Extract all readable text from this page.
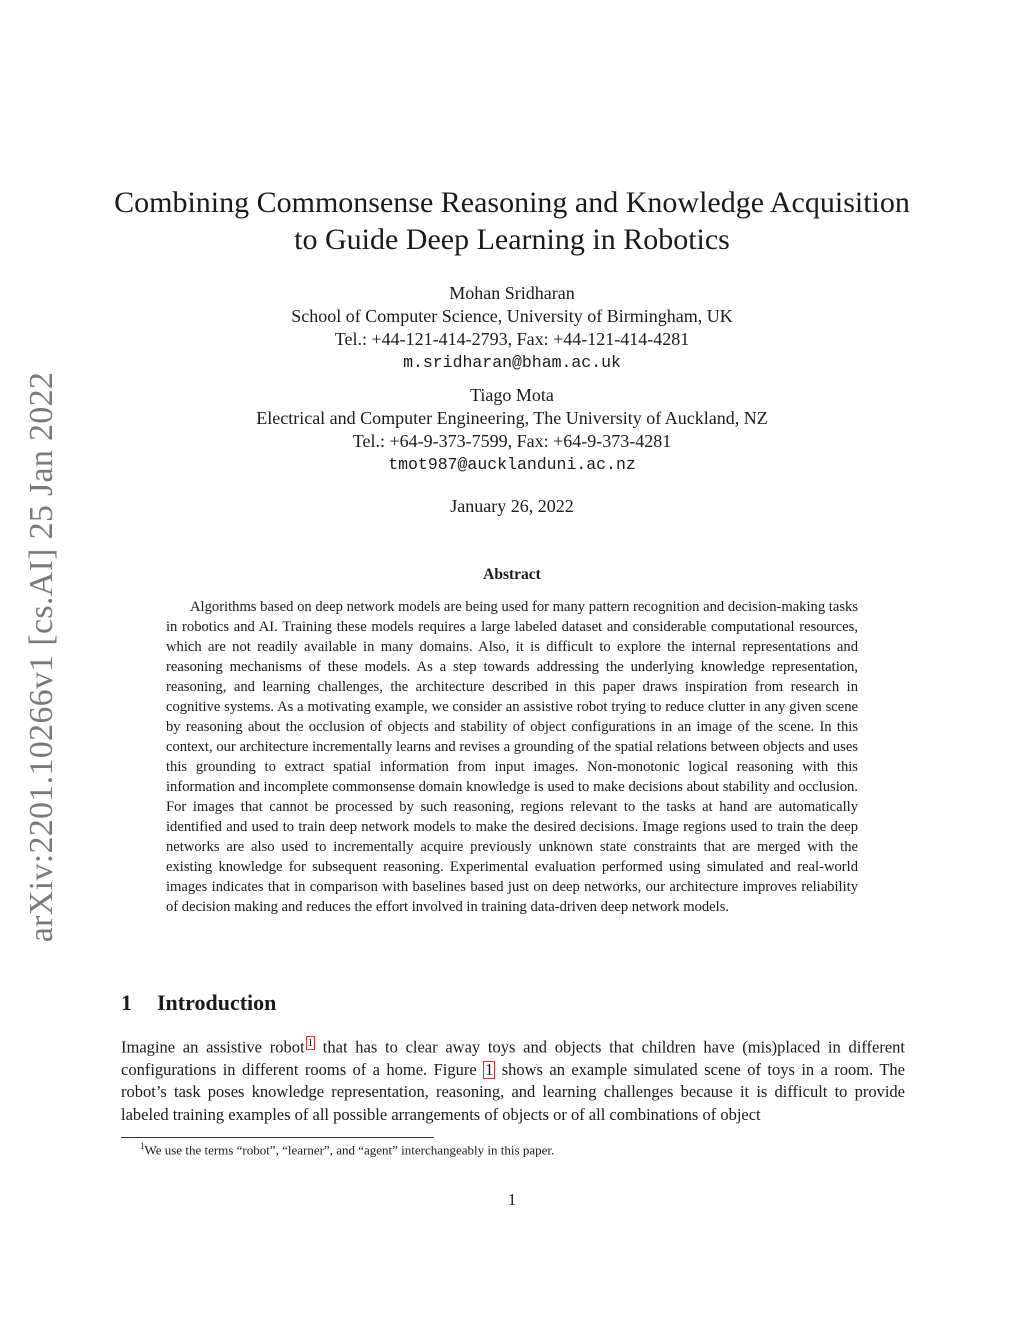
arXiv:2201.10266v1 [cs.AI] 25 Jan 2022
Combining Commonsense Reasoning and Knowledge Acquisition
to Guide Deep Learning in Robotics
Mohan Sridharan
School of Computer Science, University of Birmingham, UK
Tel.: +44-121-414-2793, Fax: +44-121-414-4281
m.sridharan@bham.ac.uk
Tiago Mota
Electrical and Computer Engineering, The University of Auckland, NZ
Tel.: +64-9-373-7599, Fax: +64-9-373-4281
tmot987@aucklanduni.ac.nz
January 26, 2022
Abstract

Algorithms based on deep network models are being used for many pattern recognition and decision-making tasks in robotics and AI. Training these models requires a large labeled dataset and considerable computational resources, which are not readily available in many domains. Also, it is difficult to explore the internal representations and reasoning mechanisms of these models. As a step towards addressing the underlying knowledge representation, reasoning, and learning challenges, the architecture described in this paper draws inspiration from research in cognitive systems. As a motivating example, we consider an assistive robot trying to reduce clutter in any given scene by reasoning about the occlusion of objects and stability of object configurations in an image of the scene. In this context, our architecture incrementally learns and revises a grounding of the spatial relations between objects and uses this grounding to extract spatial information from input images. Non-monotonic logical reasoning with this information and incomplete commonsense domain knowledge is used to make decisions about stability and occlusion. For images that cannot be processed by such reasoning, regions relevant to the tasks at hand are automatically identified and used to train deep network models to make the desired decisions. Image regions used to train the deep networks are also used to incrementally acquire previously unknown state constraints that are merged with the existing knowledge for subsequent reasoning. Experimental evaluation performed using simulated and real-world images indicates that in comparison with baselines based just on deep networks, our architecture improves reliability of decision making and reduces the effort involved in training data-driven deep network models.

1 Introduction

Imagine an assistive robot 1 that has to clear away toys and objects that children have (mis)placed in different configurations in different rooms of a home. Figure 1 shows an example simulated scene of toys in a room. The robot’s task poses knowledge representation, reasoning, and learning challenges because it is difficult to provide labeled training examples of all possible arrangements of objects or of all combinations of object

$^1$We use the terms “robot”, “learner”, and “agent” interchangeably in this paper.
1
